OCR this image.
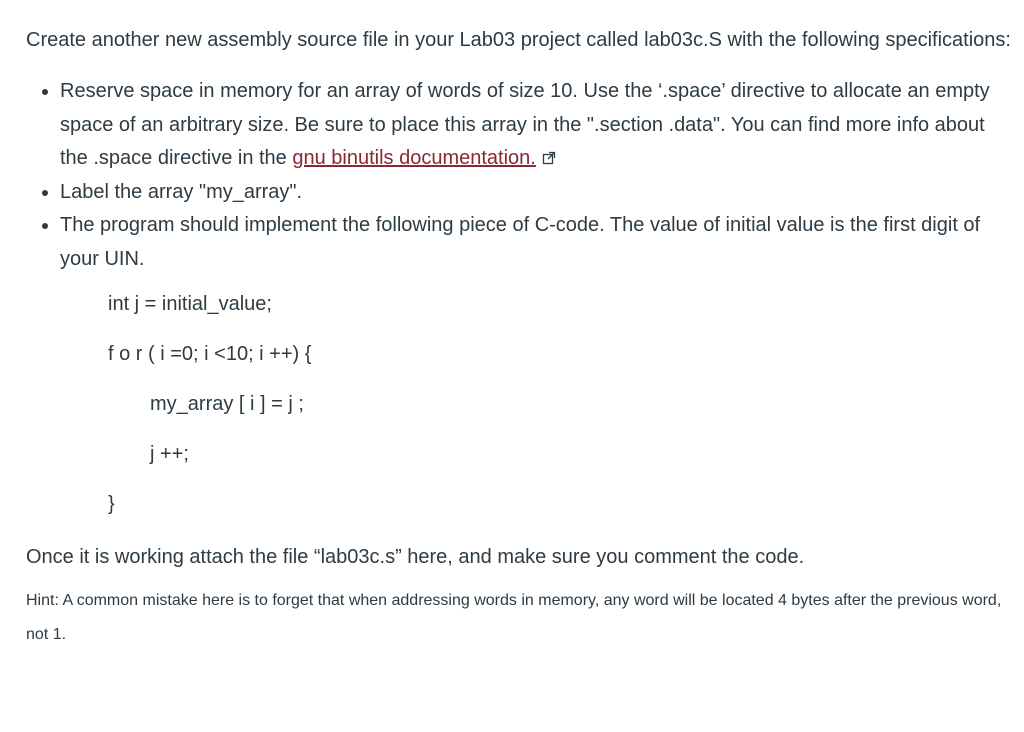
Create another new assembly source file in your Lab03 project called lab03c.S with the following specifications:

• Reserve space in memory for an array of words of size 10. Use the ‘.space’ directive to allocate an empty space of an arbitrary size. Be sure to place this array in the ".section .data". You can find more info about the .space directive in the gnu binutils documentation.
• Label the array "my_array".
• The program should implement the following piece of C-code. The value of initial value is the first digit of your UIN.
int j = initial_value;
f o r ( i =0; i <10; i ++) {
my_array [ i ] = j ;
j ++;
}

Once it is working attach the file “lab03c.s” here, and make sure you comment the code.

Hint: A common mistake here is to forget that when addressing words in memory, any word will be located 4 bytes after the previous word, not 1.
